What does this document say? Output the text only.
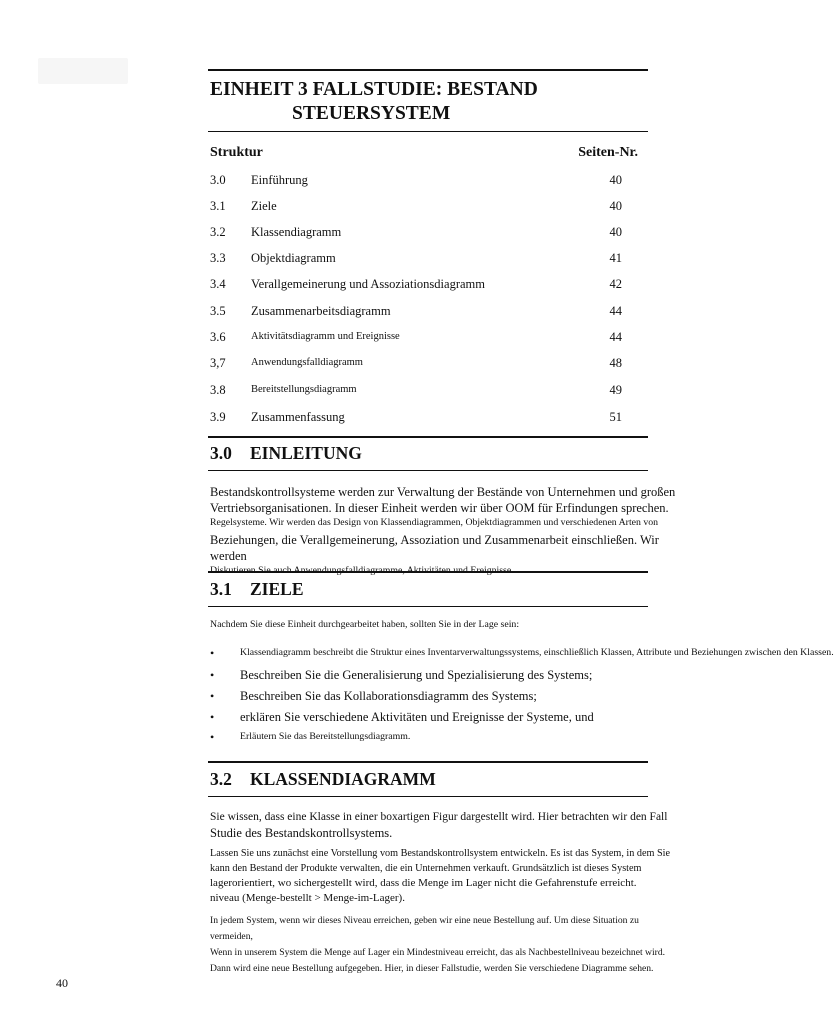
EINHEIT 3 FALLSTUDIE: BESTAND
STEUERSYSTEM
Struktur	Seiten-Nr.
3.0 Einführung	40
3.1 Ziele	40
3.2 Klassendiagramm	40
3.3 Objektdiagramm	41
3.4 Verallgemeinerung und Assoziationsdiagramm	42
3.5 Zusammenarbeitsdiagramm	44
3.6 Aktivitätsdiagramm und Ereignisse	44
3,7 Anwendungsfalldiagramm	48
3.8 Bereitstellungsdiagramm	49
3.9 Zusammenfassung	51
3.0 EINLEITUNG
Bestandskontrollsysteme werden zur Verwaltung der Bestände von Unternehmen und großen
Vertriebsorganisationen. In dieser Einheit werden wir über OOM für Erfindungen sprechen.
Regelsysteme. Wir werden das Design von Klassendiagrammen, Objektdiagrammen und verschiedenen Arten von
Beziehungen, die Verallgemeinerung, Assoziation und Zusammenarbeit einschließen. Wir werden
Diskutieren Sie auch Anwendungsfalldiagramme, Aktivitäten und Ereignisse.
3.1 ZIELE
Nachdem Sie diese Einheit durchgearbeitet haben, sollten Sie in der Lage sein:
•	Klassendiagramm beschreibt die Struktur eines Inventarverwaltungssystems, einschließlich Klassen, Attribute und Beziehungen zwischen den Klassen.
• Beschreiben Sie die Generalisierung und Spezialisierung des Systems;
• Beschreiben Sie das Kollaborationsdiagramm des Systems;
• erklären Sie verschiedene Aktivitäten und Ereignisse der Systeme, und
•	Erläutern Sie das Bereitstellungsdiagramm.
3.2 KLASSENDIAGRAMM
Sie wissen, dass eine Klasse in einer boxartigen Figur dargestellt wird. Hier betrachten wir den Fall
Studie des Bestandskontrollsystems.
Lassen Sie uns zunächst eine Vorstellung vom Bestandskontrollsystem entwickeln. Es ist das System, in dem Sie
kann den Bestand der Produkte verwalten, die ein Unternehmen verkauft. Grundsätzlich ist dieses System
lagerorientiert, wo sichergestellt wird, dass die Menge im Lager nicht die Gefahrenstufe erreicht.
niveau (Menge-bestellt > Menge-im-Lager).
In jedem System, wenn wir dieses Niveau erreichen, geben wir eine neue Bestellung auf. Um diese Situation zu vermeiden,
Wenn in unserem System die Menge auf Lager ein Mindestniveau erreicht, das als Nachbestellniveau bezeichnet wird.
Dann wird eine neue Bestellung aufgegeben. Hier, in dieser Fallstudie, werden Sie verschiedene Diagramme sehen.
40
